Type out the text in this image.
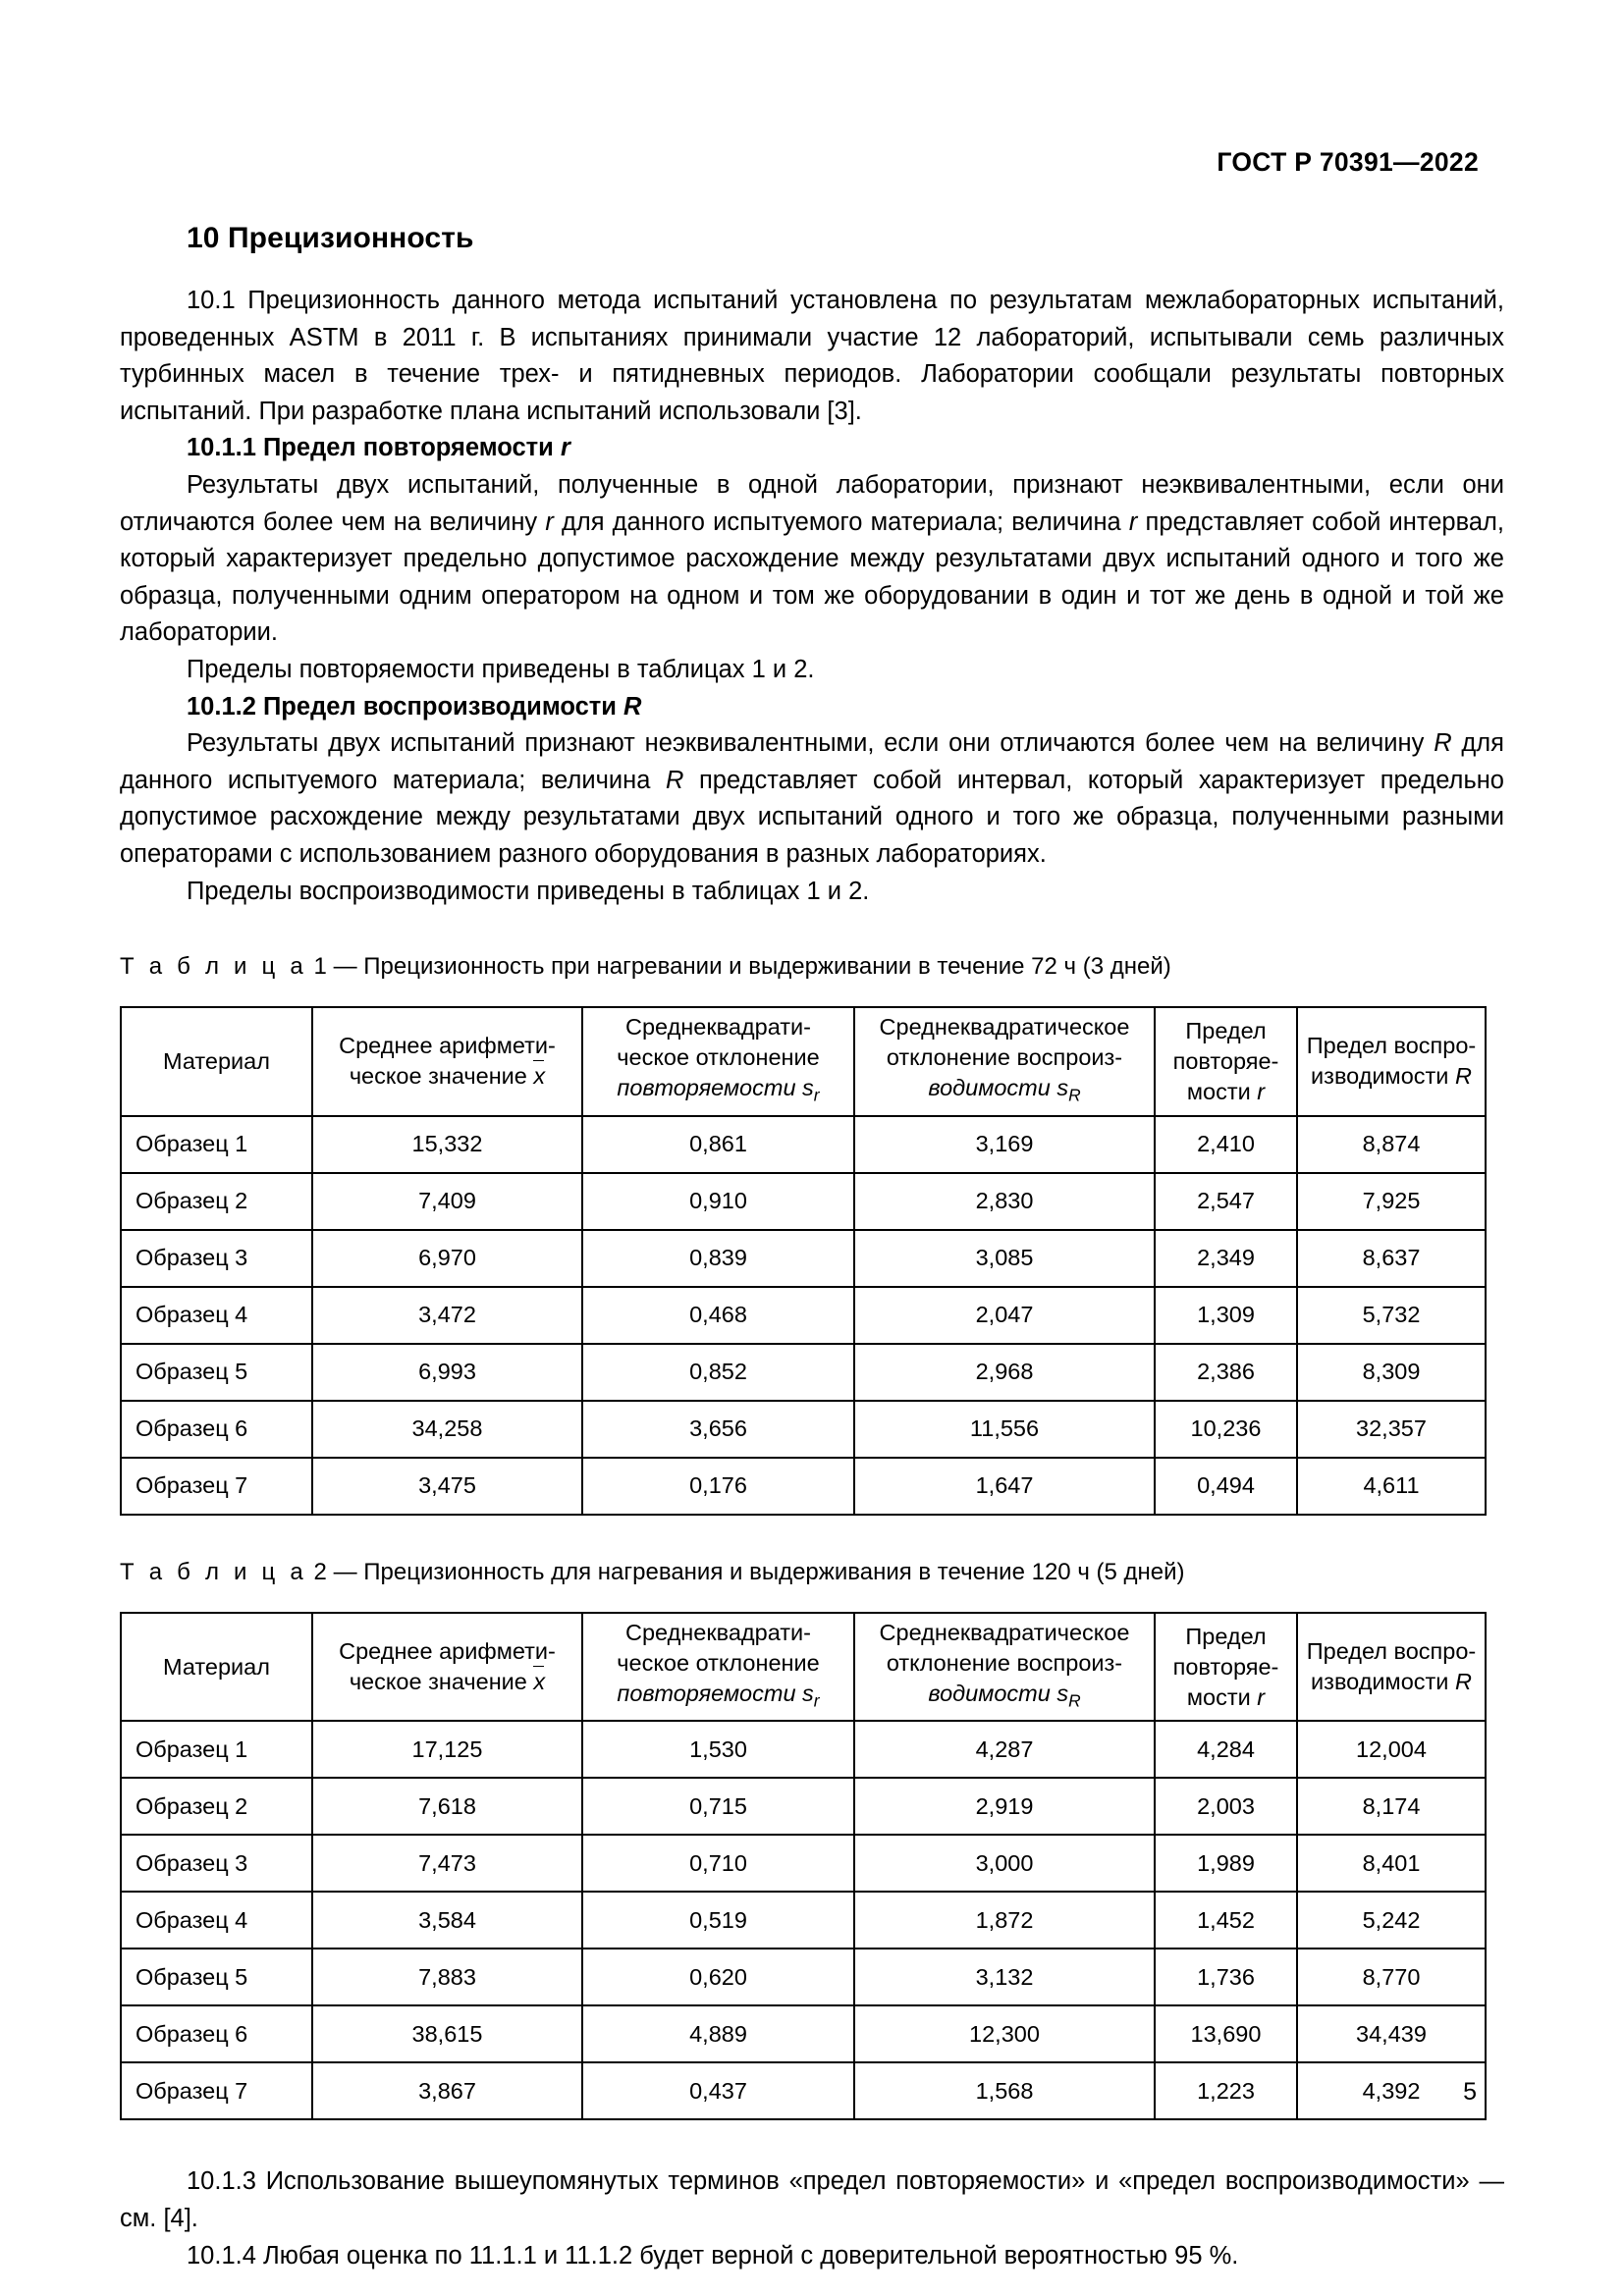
ГОСТ Р 70391—2022
10 Прецизионность

10.1 Прецизионность данного метода испытаний установлена по результатам межлабораторных испытаний, проведенных ASTM в 2011 г. В испытаниях принимали участие 12 лабораторий, испытывали семь различных турбинных масел в течение трех- и пятидневных периодов. Лаборатории сообщали результаты повторных испытаний. При разработке плана испытаний использовали [3].

10.1.1 Предел повторяемости r

Результаты двух испытаний, полученные в одной лаборатории, признают неэквивалентными, если они отличаются более чем на величину r для данного испытуемого материала; величина r представляет собой интервал, который характеризует предельно допустимое расхождение между результатами двух испытаний одного и того же образца, полученными одним оператором на одном и том же оборудовании в один и тот же день в одной и той же лаборатории.

Пределы повторяемости приведены в таблицах 1 и 2.

10.1.2 Предел воспроизводимости R

Результаты двух испытаний признают неэквивалентными, если они отличаются более чем на величину R для данного испытуемого материала; величина R представляет собой интервал, который характеризует предельно допустимое расхождение между результатами двух испытаний одного и того же образца, полученными разными операторами с использованием разного оборудования в разных лабораториях.

Пределы воспроизводимости приведены в таблицах 1 и 2.

Т а б л и ц а 1 — Прецизионность при нагревании и выдерживании в течение 72 ч (3 дней)

Материал	Среднее арифмети-
ческое значение x	Среднеквадрати-
ческое отклонение
повторяемости $s_r$	Среднеквадратическое
отклонение воспроиз-
водимости $s_R$	Предел
повторяе-
мости r	Предел воспро-
изводимости R
Образец 1	15,332	0,861	3,169	2,410	8,874
Образец 2	7,409	0,910	2,830	2,547	7,925
Образец 3	6,970	0,839	3,085	2,349	8,637
Образец 4	3,472	0,468	2,047	1,309	5,732
Образец 5	6,993	0,852	2,968	2,386	8,309
Образец 6	34,258	3,656	11,556	10,236	32,357
Образец 7	3,475	0,176	1,647	0,494	4,611

Т а б л и ц а 2 — Прецизионность для нагревания и выдерживания в течение 120 ч (5 дней)

Материал	Среднее арифмети-
ческое значение x	Среднеквадрати-
ческое отклонение
повторяемости $s_r$	Среднеквадратическое
отклонение воспроиз-
водимости $s_R$	Предел
повторяе-
мости r	Предел воспро-
изводимости R
Образец 1	17,125	1,530	4,287	4,284	12,004
Образец 2	7,618	0,715	2,919	2,003	8,174
Образец 3	7,473	0,710	3,000	1,989	8,401
Образец 4	3,584	0,519	1,872	1,452	5,242
Образец 5	7,883	0,620	3,132	1,736	8,770
Образец 6	38,615	4,889	12,300	13,690	34,439
Образец 7	3,867	0,437	1,568	1,223	4,392

10.1.3 Использование вышеупомянутых терминов «предел повторяемости» и «предел воспроизводимости» — см. [4].

10.1.4 Любая оценка по 11.1.1 и 11.1.2 будет верной с доверительной вероятностью 95 %.

5
